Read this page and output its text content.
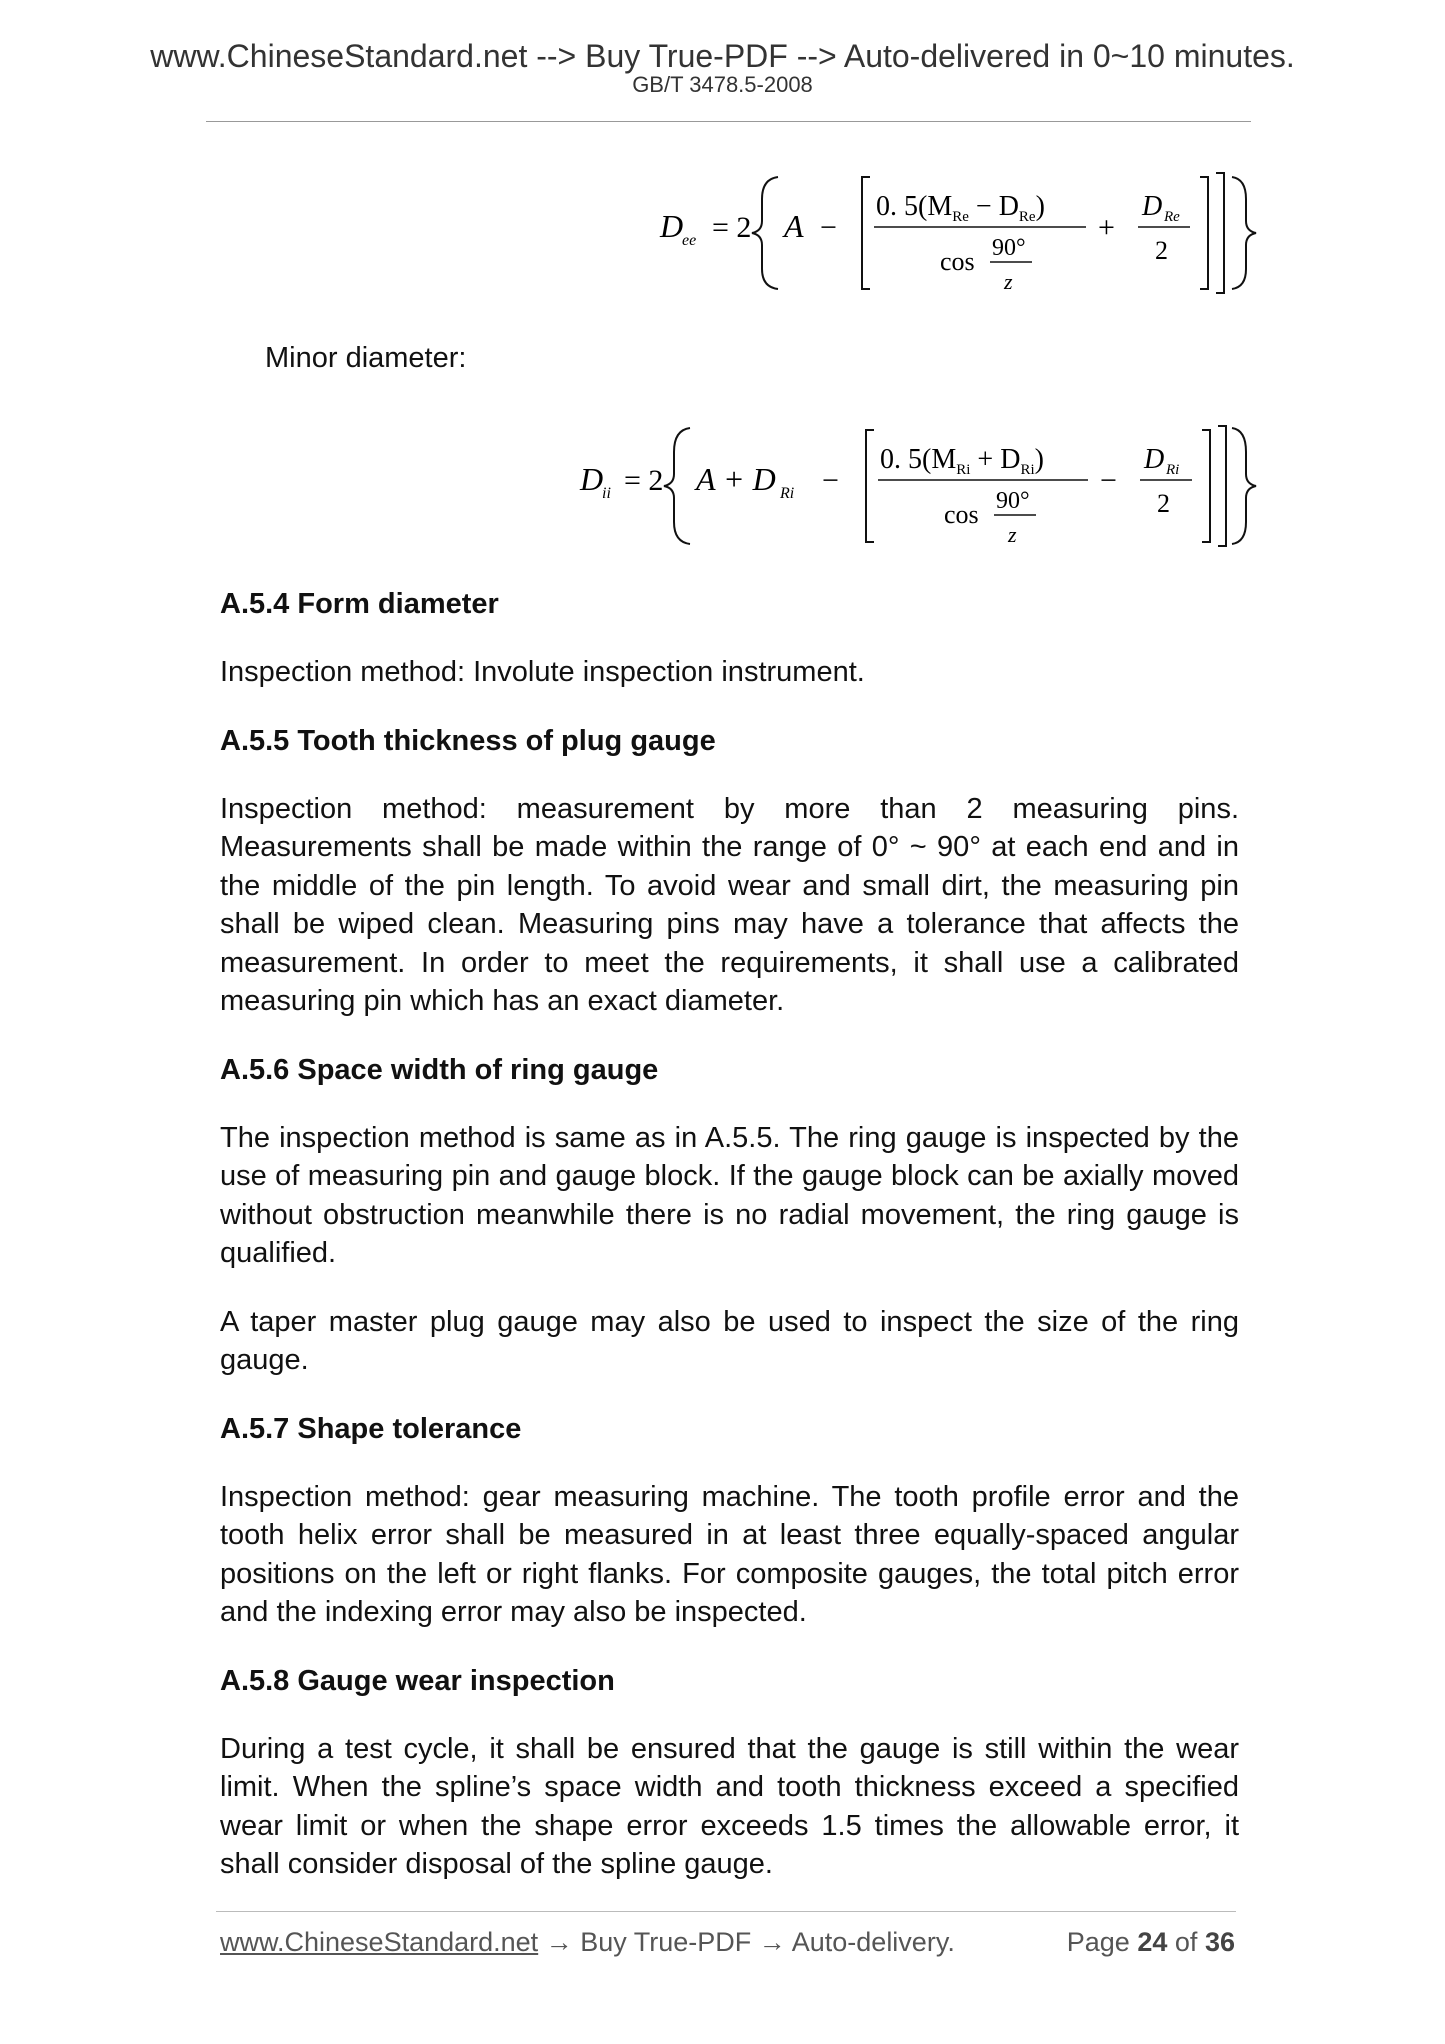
www.ChineseStandard.net --> Buy True-PDF --> Auto-delivered in 0~10 minutes.
GB/T 3478.5-2008
D
ee = 2 A −
0. $5(M_{Re} - D_{Re})$
cos 90°
z
+
D Re
2
Minor diameter:
D
ii = 2 A + D Ri −
0. $5(M_{Ri} + D_{Ri})$
cos 90°
z
−
D Ri
2
A.5.4 Form diameter

Inspection method: Involute inspection instrument.

A.5.5 Tooth thickness of plug gauge

Inspection method: measurement by more than 2 measuring pins. Measurements shall be made within the range of 0° ~ 90° at each end and in the middle of the pin length. To avoid wear and small dirt, the measuring pin shall be wiped clean. Measuring pins may have a tolerance that affects the measurement. In order to meet the requirements, it shall use a calibrated measuring pin which has an exact diameter.

A.5.6 Space width of ring gauge

The inspection method is same as in A.5.5. The ring gauge is inspected by the use of measuring pin and gauge block. If the gauge block can be axially moved without obstruction meanwhile there is no radial movement, the ring gauge is qualified.

A taper master plug gauge may also be used to inspect the size of the ring gauge.

A.5.7 Shape tolerance

Inspection method: gear measuring machine. The tooth profile error and the tooth helix error shall be measured in at least three equally-spaced angular positions on the left or right flanks. For composite gauges, the total pitch error and the indexing error may also be inspected.

A.5.8 Gauge wear inspection

During a test cycle, it shall be ensured that the gauge is still within the wear limit. When the spline’s space width and tooth thickness exceed a specified wear limit or when the shape error exceeds 1.5 times the allowable error, it shall consider disposal of the spline gauge.

www.ChineseStandard.net → Buy True-PDF → Auto-delivery.	Page 24 of 36
